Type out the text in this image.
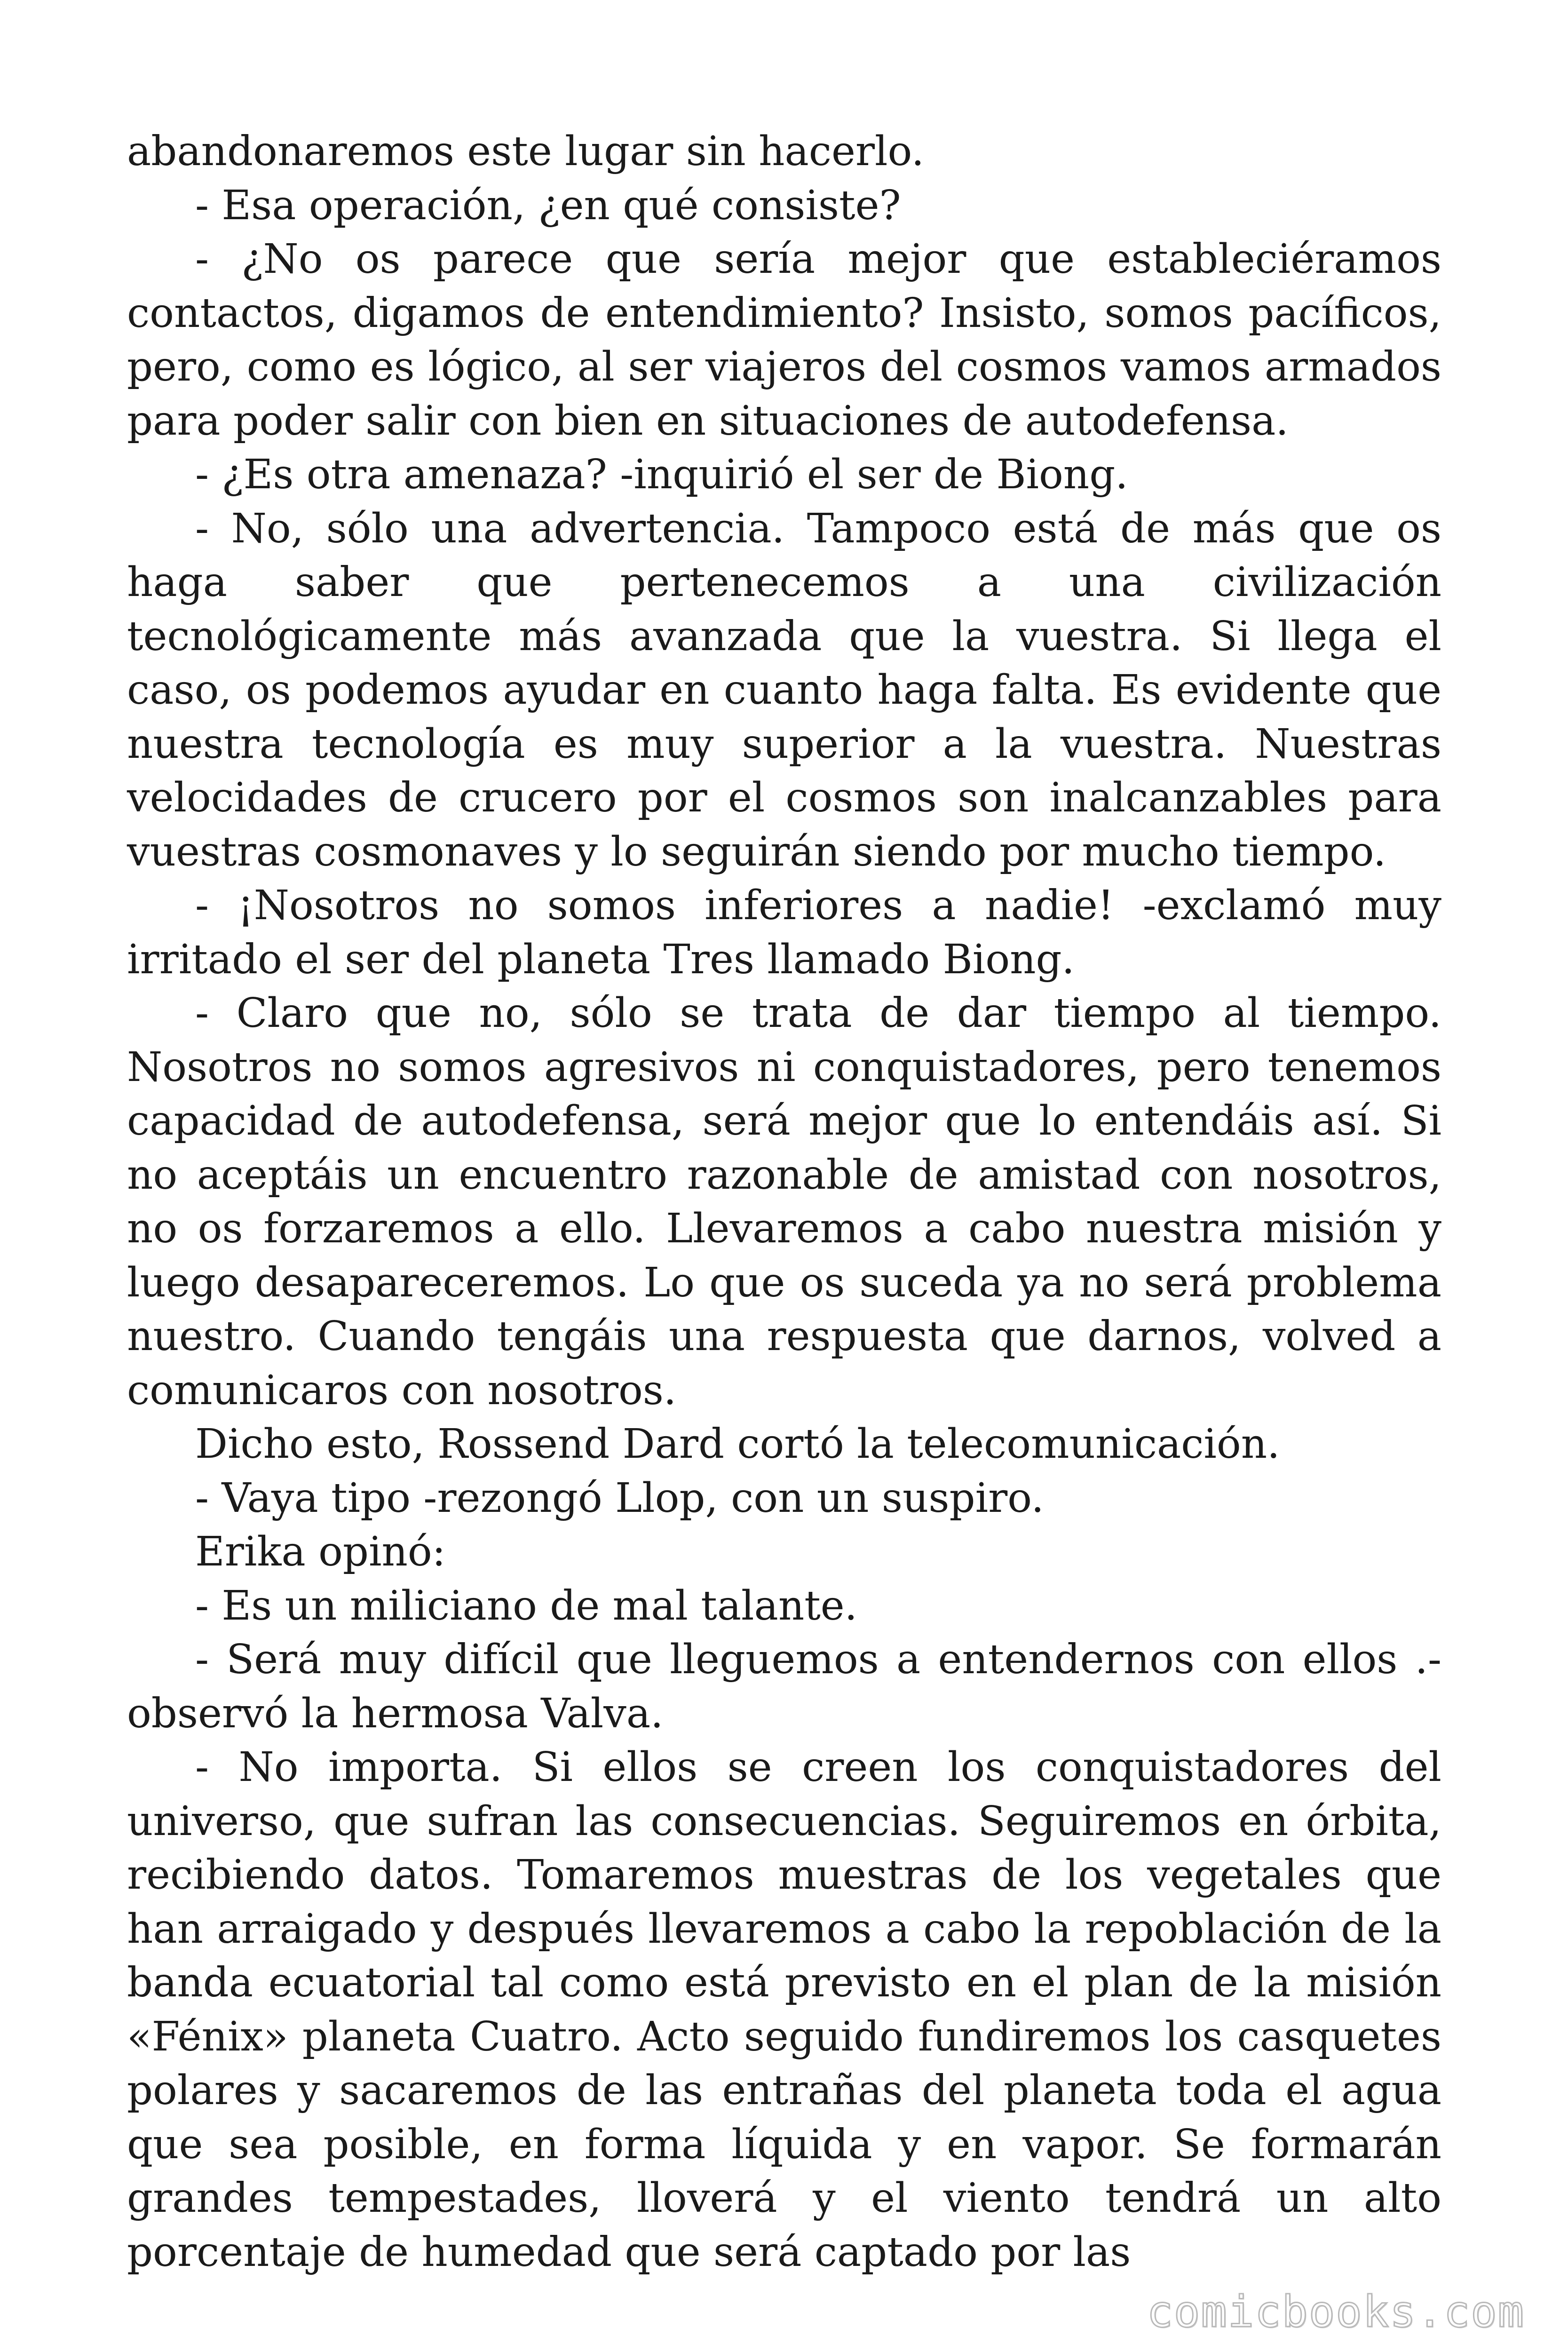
abandonaremos este lugar sin hacerlo.

- Esa operación, ¿en qué consiste?

- ¿No os parece que sería mejor que estableciéramos contactos, digamos de entendimiento? Insisto, somos pacíficos, pero, como es lógico, al ser viajeros del cosmos vamos armados para poder salir con bien en situaciones de autodefensa.

- ¿Es otra amenaza? -inquirió el ser de Biong.

- No, sólo una advertencia. Tampoco está de más que os haga saber que pertenecemos a una civilización tecnológicamente más avanzada que la vuestra. Si llega el caso, os podemos ayudar en cuanto haga falta. Es evidente que nuestra tecnología es muy superior a la vuestra. Nuestras velocidades de crucero por el cosmos son inalcanzables para vuestras cosmonaves y lo seguirán siendo por mucho tiempo.

- ¡Nosotros no somos inferiores a nadie! -exclamó muy irritado el ser del planeta Tres llamado Biong.

- Claro que no, sólo se trata de dar tiempo al tiempo. Nosotros no somos agresivos ni conquistadores, pero tenemos capacidad de autodefensa, será mejor que lo entendáis así. Si no aceptáis un encuentro razonable de amistad con nosotros, no os forzaremos a ello. Llevaremos a cabo nuestra misión y luego desapareceremos. Lo que os suceda ya no será problema nuestro. Cuando tengáis una respuesta que darnos, volved a comunicaros con nosotros.

Dicho esto, Rossend Dard cortó la telecomunicación.

- Vaya tipo -rezongó Llop, con un suspiro.

Erika opinó:

- Es un miliciano de mal talante.

- Será muy difícil que lleguemos a entendernos con ellos .- observó la hermosa Valva.

- No importa. Si ellos se creen los conquistadores del universo, que sufran las consecuencias. Seguiremos en órbita, recibiendo datos. Tomaremos muestras de los vegetales que han arraigado y después llevaremos a cabo la repoblación de la banda ecuatorial tal como está previsto en el plan de la misión «Fénix» planeta Cuatro. Acto seguido fundiremos los casquetes polares y sacaremos de las entrañas del planeta toda el agua que sea posible, en forma líquida y en vapor. Se formarán grandes tempestades, lloverá y el viento tendrá un alto porcentaje de humedad que será captado por las

comicbooks.com
